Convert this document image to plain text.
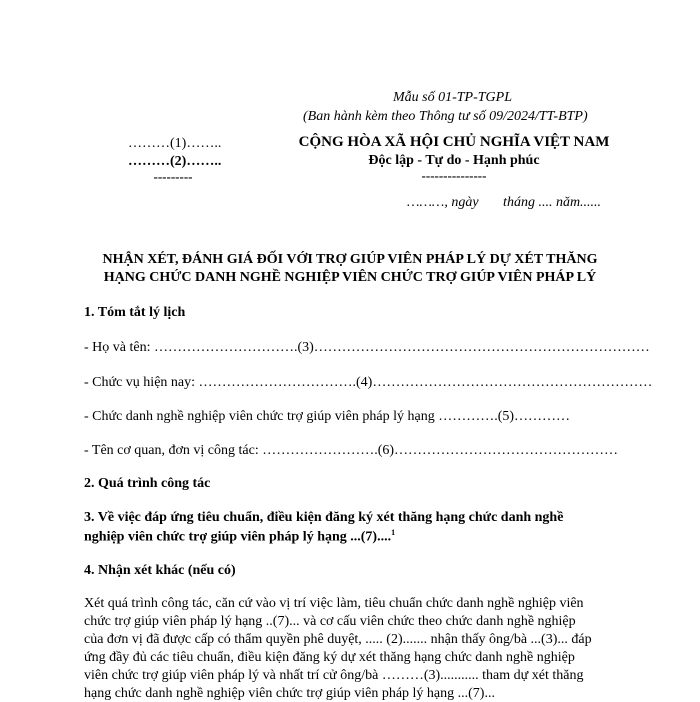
Mẫu số 01-TP-TGPL
(Ban hành kèm theo Thông tư số 09/2024/TT-BTP)
………(1)……..
………(2)……..
---------
CỘNG HÒA XÃ HỘI CHỦ NGHĨA VIỆT NAM
Độc lập - Tự do - Hạnh phúc
---------------
………, ngày       tháng .... năm......
NHẬN XÉT, ĐÁNH GIÁ ĐỐI VỚI TRỢ GIÚP VIÊN PHÁP LÝ DỰ XÉT THĂNG
HẠNG CHỨC DANH NGHỀ NGHIỆP VIÊN CHỨC TRỢ GIÚP VIÊN PHÁP LÝ
1. Tóm tắt lý lịch
- Họ và tên: ………………………….(3)………………………………………………………………
- Chức vụ hiện nay: …………………………….(4)……………………………………………………
- Chức danh nghề nghiệp viên chức trợ giúp viên pháp lý hạng ………….(5)…………
- Tên cơ quan, đơn vị công tác: …………………….(6)…………………………………………
2. Quá trình công tác
3. Về việc đáp ứng tiêu chuẩn, điều kiện đăng ký xét thăng hạng chức danh nghề
nghiệp viên chức trợ giúp viên pháp lý hạng ...(7)....$^1$
4. Nhận xét khác (nếu có)
Xét quá trình công tác, căn cứ vào vị trí việc làm, tiêu chuẩn chức danh nghề nghiệp viên
chức trợ giúp viên pháp lý hạng ..(7)... và cơ cấu viên chức theo chức danh nghề nghiệp
của đơn vị đã được cấp có thẩm quyền phê duyệt, ..... (2)....... nhận thấy ông/bà ...(3)... đáp
ứng đầy đủ các tiêu chuẩn, điều kiện đăng ký dự xét thăng hạng chức danh nghề nghiệp
viên chức trợ giúp viên pháp lý và nhất trí cử ông/bà ………(3)........... tham dự xét thăng
hạng chức danh nghề nghiệp viên chức trợ giúp viên pháp lý hạng ...(7)...
